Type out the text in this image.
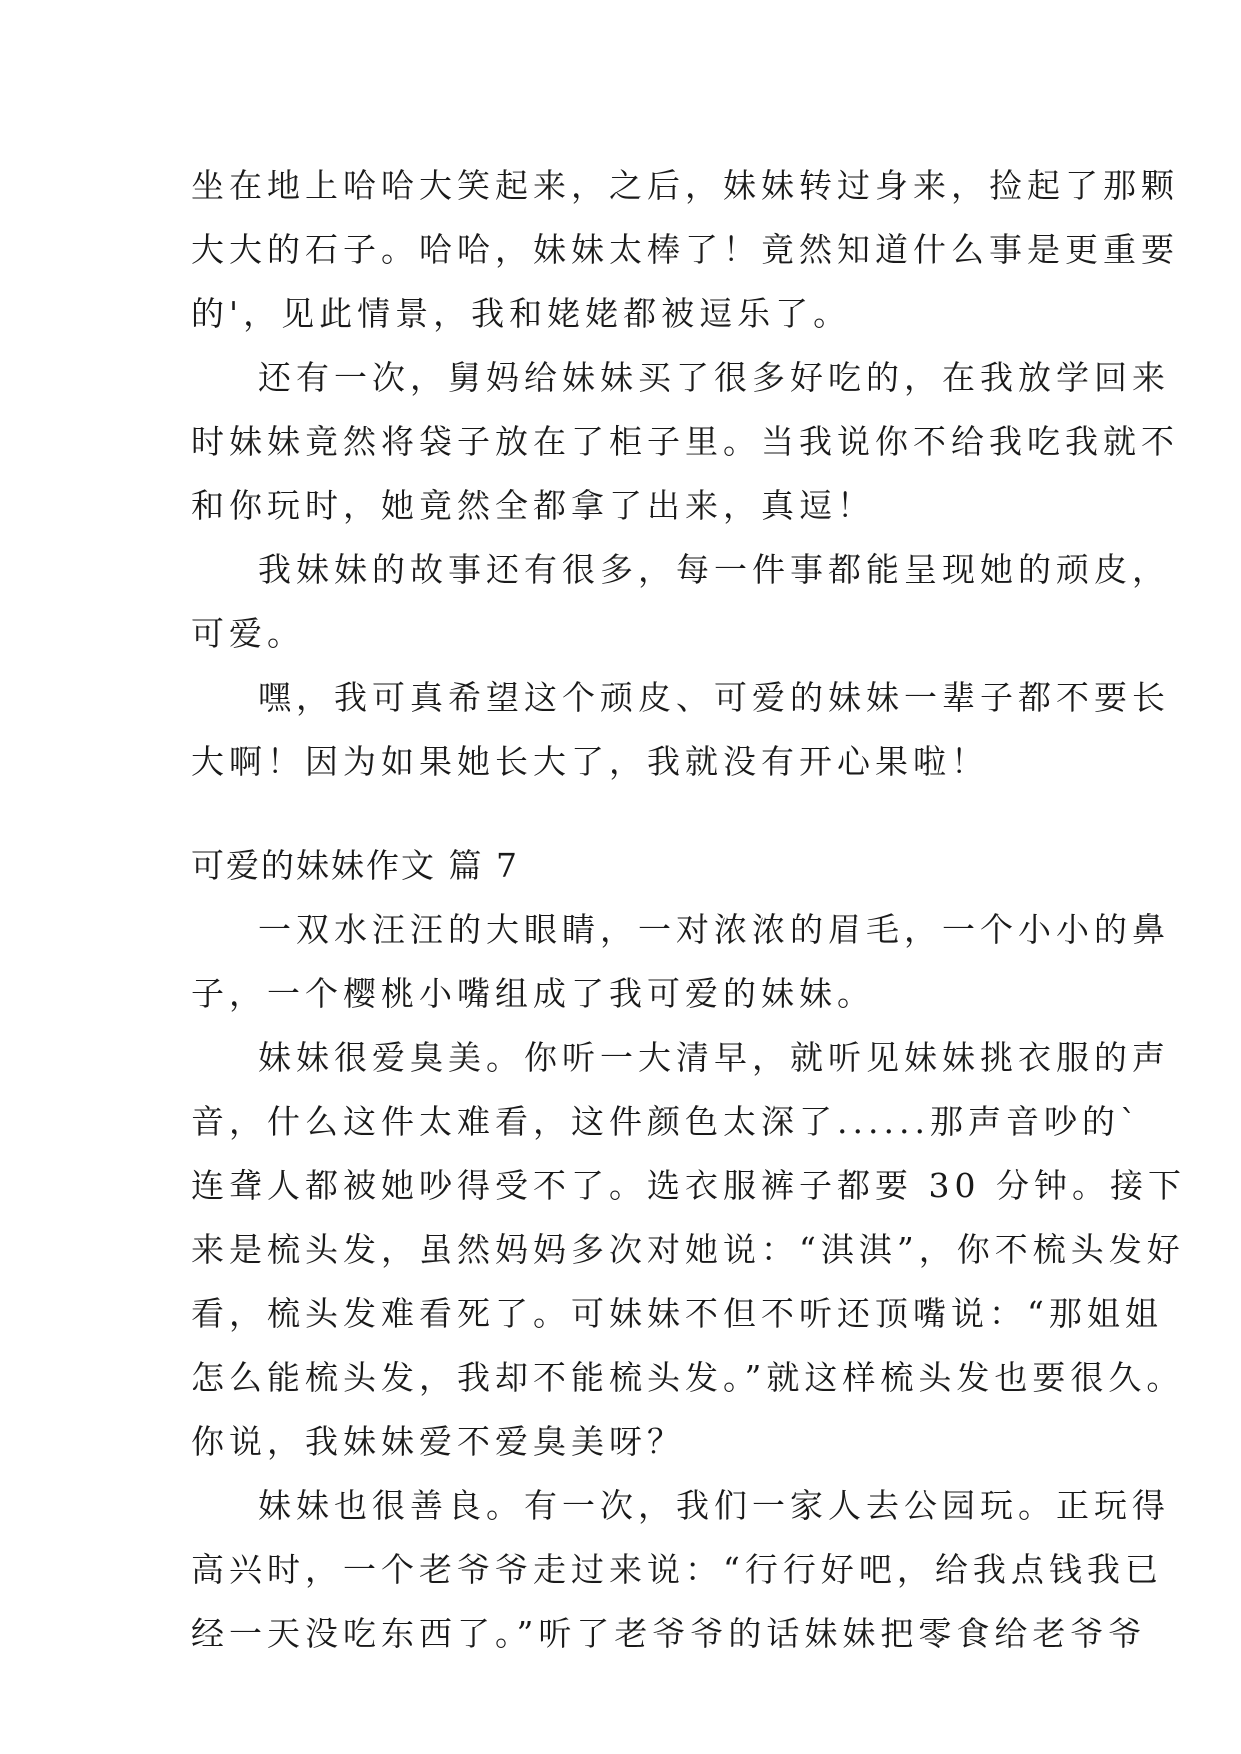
坐在地上哈哈大笑起来，之后，妹妹转过身来，捡起了那颗
大大的石子。哈哈，妹妹太棒了！竟然知道什么事是更重要
的'，见此情景，我和姥姥都被逗乐了。
还有一次，舅妈给妹妹买了很多好吃的，在我放学回来
时妹妹竟然将袋子放在了柜子里。当我说你不给我吃我就不
和你玩时，她竟然全都拿了出来，真逗！
我妹妹的故事还有很多，每一件事都能呈现她的顽皮，
可爱。
嘿，我可真希望这个顽皮、可爱的妹妹一辈子都不要长
大啊！因为如果她长大了，我就没有开心果啦！
可爱的妹妹作文 篇 7
一双水汪汪的大眼睛，一对浓浓的眉毛，一个小小的鼻
子，一个樱桃小嘴组成了我可爱的妹妹。
妹妹很爱臭美。你听一大清早，就听见妹妹挑衣服的声
音，什么这件太难看，这件颜色太深了......那声音吵的`
连聋人都被她吵得受不了。选衣服裤子都要 30 分钟。接下
来是梳头发，虽然妈妈多次对她说：“淇淇”，你不梳头发好
看，梳头发难看死了。可妹妹不但不听还顶嘴说：“那姐姐
怎么能梳头发，我却不能梳头发。”就这样梳头发也要很久。
你说，我妹妹爱不爱臭美呀？
妹妹也很善良。有一次，我们一家人去公园玩。正玩得
高兴时，一个老爷爷走过来说：“行行好吧，给我点钱我已
经一天没吃东西了。”听了老爷爷的话妹妹把零食给老爷爷
